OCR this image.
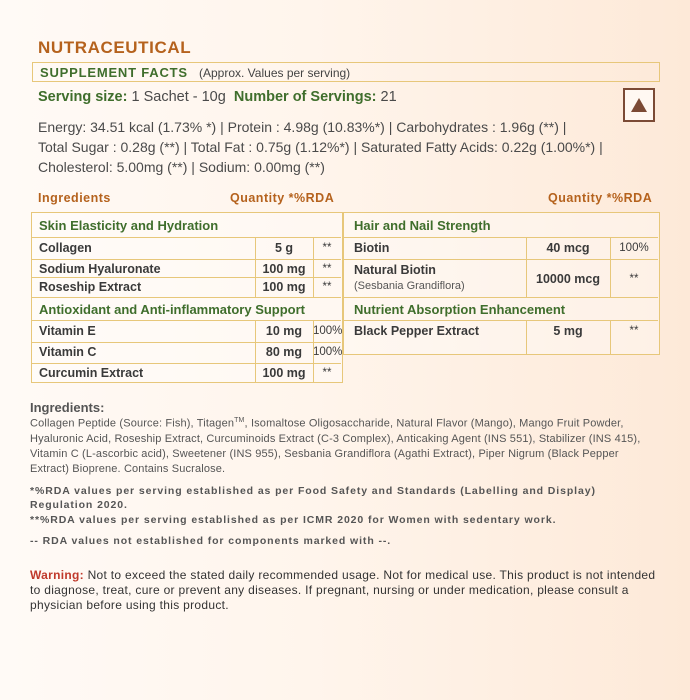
NUTRACEUTICAL
SUPPLEMENT FACTS (Approx. Values per serving)
Serving size: 1 Sachet - 10g Number of Servings: 21
Energy: 34.51 kcal (1.73% *) | Protein : 4.98g (10.83%*) | Carbohydrates : 1.96g (**) |
Total Sugar : 0.28g (**) | Total Fat : 0.75g (1.12%*) | Saturated Fatty Acids: 0.22g (1.00%*) |
Cholesterol: 5.00mg (**) | Sodium: 0.00mg (**)
Ingredients	Quantity *%RDA	Quantity *%RDA
Skin Elasticity and Hydration
Collagen	5 g	**
Sodium Hyaluronate	100 mg	**
Roseship Extract	100 mg	**
Antioxidant and Anti-inflammatory Support
Vitamin E	10 mg 100%
Vitamin C	80 mg 100%
Curcumin Extract	100 mg	**
Hair and Nail Strength
Biotin	40 mcg	100%
Natural Biotin
(Sesbania Grandiflora)	10000 mcg	**
Nutrient Absorption Enhancement
Black Pepper Extract	5 mg	**
Ingredients:
Collagen Peptide (Source: Fish), Titagen™, Isomaltose Oligosaccharide, Natural Flavor (Mango), Mango Fruit Powder, Hyaluronic Acid, Roseship Extract, Curcuminoids Extract (C-3 Complex), Anticaking Agent (INS 551), Stabilizer (INS 415), Vitamin C (L-ascorbic acid), Sweetener (INS 955), Sesbania Grandiflora (Agathi Extract), Piper Nigrum (Black Pepper Extract) Bioprene. Contains Sucralose.
*%RDA values per serving established as per Food Safety and Standards (Labelling and Display) Regulation 2020.
**%RDA values per serving established as per ICMR 2020 for Women with sedentary work.
-- RDA values not established for components marked with --.
Warning: Not to exceed the stated daily recommended usage. Not for medical use. This product is not intended to diagnose, treat, cure or prevent any diseases. If pregnant, nursing or under medication, please consult a physician before using this product.
